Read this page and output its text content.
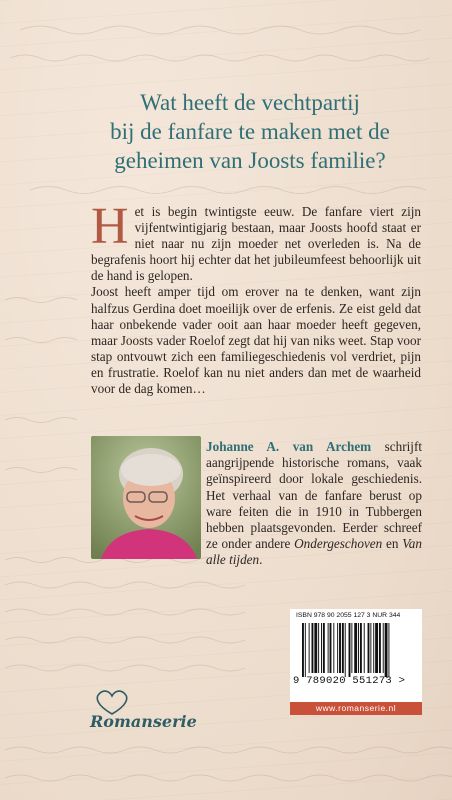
Wat heeft de vechtpartij
bij de fanfare te maken met de
geheimen van Joosts familie?

Het is begin twintigste eeuw. De fanfare viert zijn vijfentwintigjarig bestaan, maar Joosts hoofd staat er niet naar nu zijn moeder net overleden is. Na de begrafenis hoort hij echter dat het jubileumfeest behoorlijk uit de hand is gelopen.

Joost heeft amper tijd om erover na te denken, want zijn halfzus Gerdina doet moeilijk over de erfenis. Ze eist geld dat haar onbekende vader ooit aan haar moeder heeft gegeven, maar Joosts vader Roelof zegt dat hij van niks weet. Stap voor stap ontvouwt zich een familiegeschiedenis vol verdriet, pijn en frustratie. Roelof kan nu niet anders dan met de waarheid voor de dag komen…

Johanne A. van Archem schrijft aangrijpende historische romans, vaak geïnspireerd door lokale geschiedenis. Het verhaal van de fanfare berust op ware feiten die in 1910 in Tubbergen hebben plaatsgevonden. Eerder schreef ze onder andere Ondergeschoven en Van alle tijden.
Romanserie
ISBN 978 90 2055 127 3 NUR 344
9 789020 551273 >
www.romanserie.nl
